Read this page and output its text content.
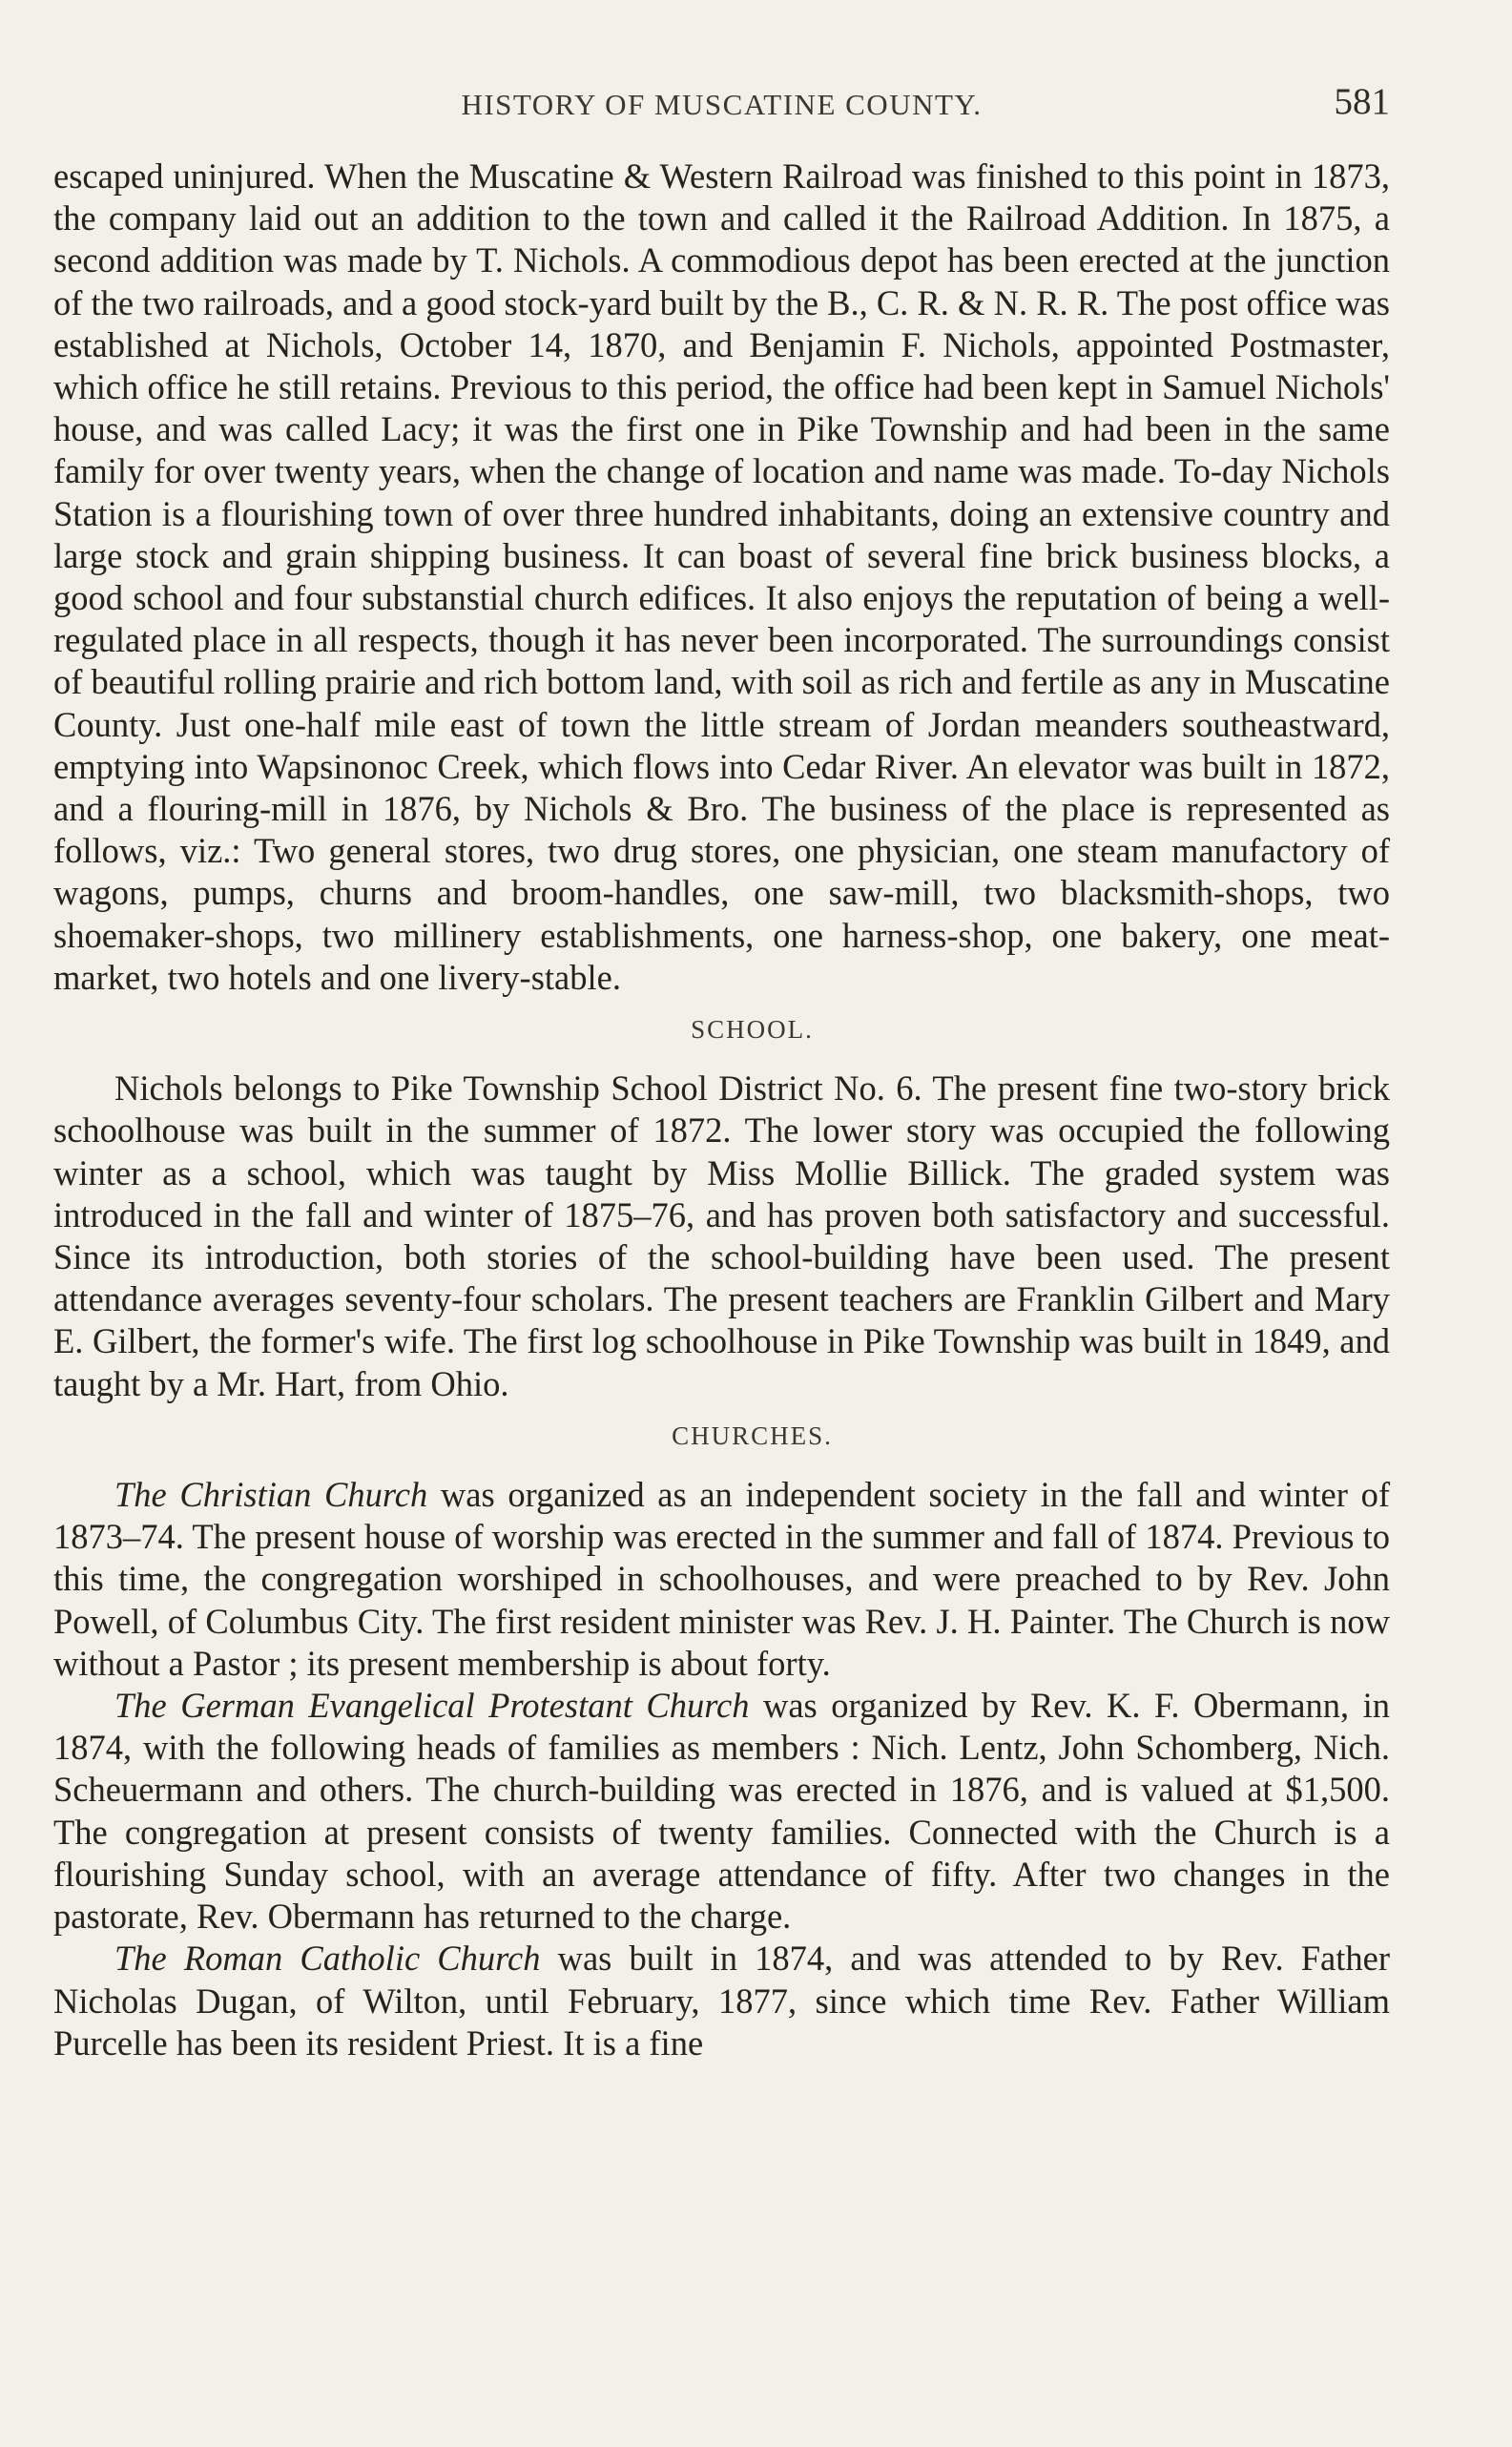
HISTORY OF MUSCATINE COUNTY.	581

escaped uninjured. When the Muscatine & Western Railroad was finished to this point in 1873, the company laid out an addition to the town and called it the Railroad Addition. In 1875, a second addition was made by T. Nichols. A commodious depot has been erected at the junction of the two railroads, and a good stock-yard built by the B., C. R. & N. R. R. The post office was established at Nichols, October 14, 1870, and Benjamin F. Nichols, appointed Postmaster, which office he still retains. Previous to this period, the office had been kept in Samuel Nichols' house, and was called Lacy; it was the first one in Pike Township and had been in the same family for over twenty years, when the change of location and name was made. To-day Nichols Station is a flourishing town of over three hundred inhabitants, doing an extensive country and large stock and grain shipping business. It can boast of several fine brick business blocks, a good school and four substanstial church edifices. It also enjoys the reputation of being a well-regulated place in all respects, though it has never been incorporated. The surroundings consist of beautiful rolling prairie and rich bottom land, with soil as rich and fertile as any in Muscatine County. Just one-half mile east of town the little stream of Jordan meanders southeastward, emptying into Wapsinonoc Creek, which flows into Cedar River. An elevator was built in 1872, and a flouring-mill in 1876, by Nichols & Bro. The business of the place is represented as follows, viz.: Two general stores, two drug stores, one physician, one steam manufactory of wagons, pumps, churns and broom-handles, one saw-mill, two blacksmith-shops, two shoemaker-shops, two millinery establishments, one harness-shop, one bakery, one meat-market, two hotels and one livery-stable.

SCHOOL.

Nichols belongs to Pike Township School District No. 6. The present fine two-story brick schoolhouse was built in the summer of 1872. The lower story was occupied the following winter as a school, which was taught by Miss Mollie Billick. The graded system was introduced in the fall and winter of 1875–76, and has proven both satisfactory and successful. Since its introduction, both stories of the school-building have been used. The present attendance averages seventy-four scholars. The present teachers are Franklin Gilbert and Mary E. Gilbert, the former's wife. The first log schoolhouse in Pike Township was built in 1849, and taught by a Mr. Hart, from Ohio.

CHURCHES.

The Christian Church was organized as an independent society in the fall and winter of 1873–74. The present house of worship was erected in the summer and fall of 1874. Previous to this time, the congregation worshiped in schoolhouses, and were preached to by Rev. John Powell, of Columbus City. The first resident minister was Rev. J. H. Painter. The Church is now without a Pastor ; its present membership is about forty.

The German Evangelical Protestant Church was organized by Rev. K. F. Obermann, in 1874, with the following heads of families as members : Nich. Lentz, John Schomberg, Nich. Scheuermann and others. The church-building was erected in 1876, and is valued at $1,500. The congregation at present consists of twenty families. Connected with the Church is a flourishing Sunday school, with an average attendance of fifty. After two changes in the pastorate, Rev. Obermann has returned to the charge.

The Roman Catholic Church was built in 1874, and was attended to by Rev. Father Nicholas Dugan, of Wilton, until February, 1877, since which time Rev. Father William Purcelle has been its resident Priest. It is a fine
